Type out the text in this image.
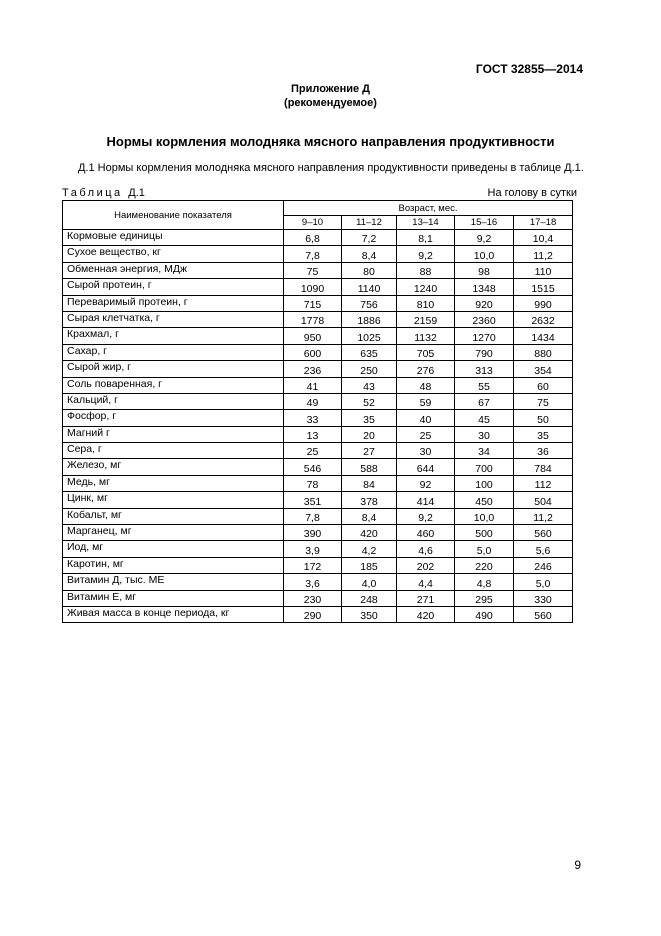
ГОСТ 32855—2014
Приложение Д
(рекомендуемое)
Нормы кормления молодняка мясного направления продуктивности
Д.1 Нормы кормления молодняка мясного направления продуктивности приведены в таблице Д.1.
Таблица Д.1	На голову в сутки
Наименование показателя	Возраст, мес.				
	9–10	11–12	13–14	15–16	17–18
Кормовые единицы	6,8	7,2	8,1	9,2	10,4
Сухое вещество, кг	7,8	8,4	9,2	10,0	11,2
Обменная энергия, МДж	75	80	88	98	110
Сырой протеин, г	1090	1140	1240	1348	1515
Переваримый протеин, г	715	756	810	920	990
Сырая клетчатка, г	1778	1886	2159	2360	2632
Крахмал, г	950	1025	1132	1270	1434
Сахар, г	600	635	705	790	880
Сырой жир, г	236	250	276	313	354
Соль поваренная, г	41	43	48	55	60
Кальций, г	49	52	59	67	75
Фосфор, г	33	35	40	45	50
Магний г	13	20	25	30	35
Сера, г	25	27	30	34	36
Железо, мг	546	588	644	700	784
Медь, мг	78	84	92	100	112
Цинк, мг	351	378	414	450	504
Кобальт, мг	7,8	8,4	9,2	10,0	11,2
Марганец, мг	390	420	460	500	560
Иод, мг	3,9	4,2	4,6	5,0	5,6
Каротин, мг	172	185	202	220	246
Витамин Д, тыс. МЕ	3,6	4,0	4,4	4,8	5,0
Витамин Е, мг	230	248	271	295	330
Живая масса в конце периода, кг	290	350	420	490	560
9
